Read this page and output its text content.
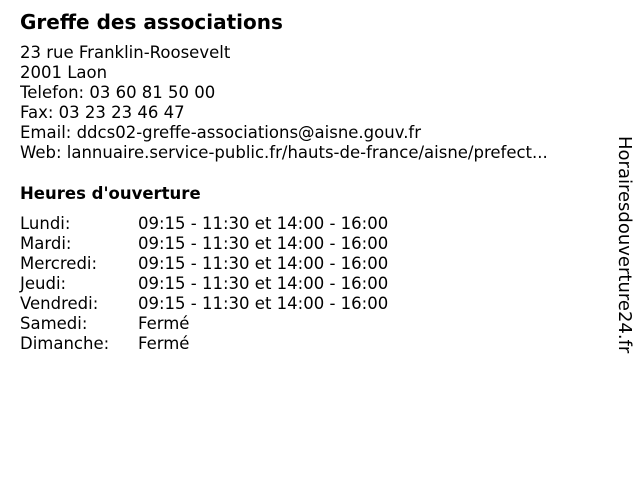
Greffe des associations
23 rue Franklin-Roosevelt
2001 Laon
Telefon: 03 60 81 50 00
Fax: 03 23 23 46 47
Email: ddcs02-greffe-associations@aisne.gouv.fr
Web: lannuaire.service-public.fr/hauts-de-france/aisne/prefect...
Heures d'ouverture
Lundi:	09:15 - 11:30 et 14:00 - 16:00
Mardi:	09:15 - 11:30 et 14:00 - 16:00
Mercredi: 09:15 - 11:30 et 14:00 - 16:00
Jeudi:	09:15 - 11:30 et 14:00 - 16:00
Vendredi: 09:15 - 11:30 et 14:00 - 16:00
Samedi:	Fermé
Dimanche: Fermé	Horairesdouverture24.fr
